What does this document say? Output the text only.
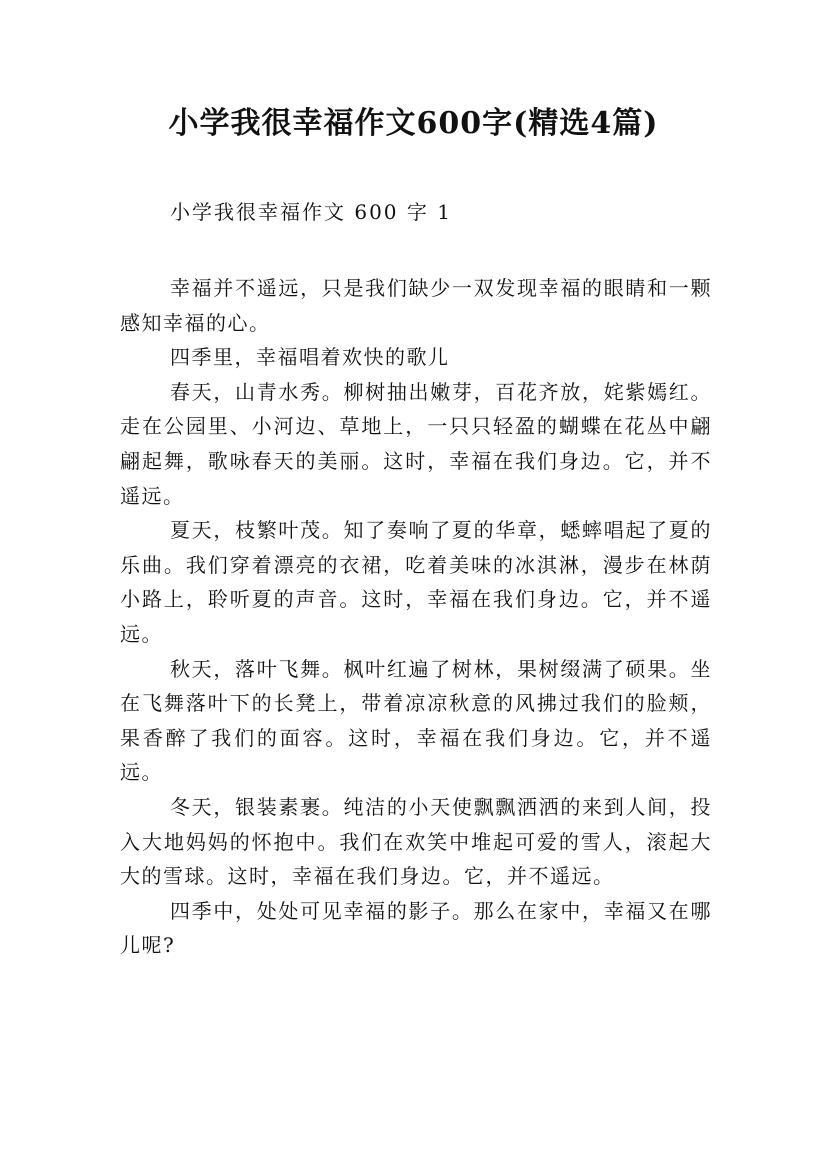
小学我很幸福作文600字(精选4篇)
小学我很幸福作文 600 字 1

幸福并不遥远，只是我们缺少一双发现幸福的眼睛和一颗感知幸福的心。

四季里，幸福唱着欢快的歌儿

春天，山青水秀。柳树抽出嫩芽，百花齐放，姹紫嫣红。走在公园里、小河边、草地上，一只只轻盈的蝴蝶在花丛中翩翩起舞，歌咏春天的美丽。这时，幸福在我们身边。它，并不遥远。

夏天，枝繁叶茂。知了奏响了夏的华章，蟋蟀唱起了夏的乐曲。我们穿着漂亮的衣裙，吃着美味的冰淇淋，漫步在林荫小路上，聆听夏的声音。这时，幸福在我们身边。它，并不遥远。

秋天，落叶飞舞。枫叶红遍了树林，果树缀满了硕果。坐在飞舞落叶下的长凳上，带着凉凉秋意的风拂过我们的脸颊，果香醉了我们的面容。这时，幸福在我们身边。它，并不遥远。

冬天，银装素裹。纯洁的小天使飘飘洒洒的来到人间，投入大地妈妈的怀抱中。我们在欢笑中堆起可爱的雪人，滚起大大的雪球。这时，幸福在我们身边。它，并不遥远。

四季中，处处可见幸福的影子。那么在家中，幸福又在哪儿呢?
